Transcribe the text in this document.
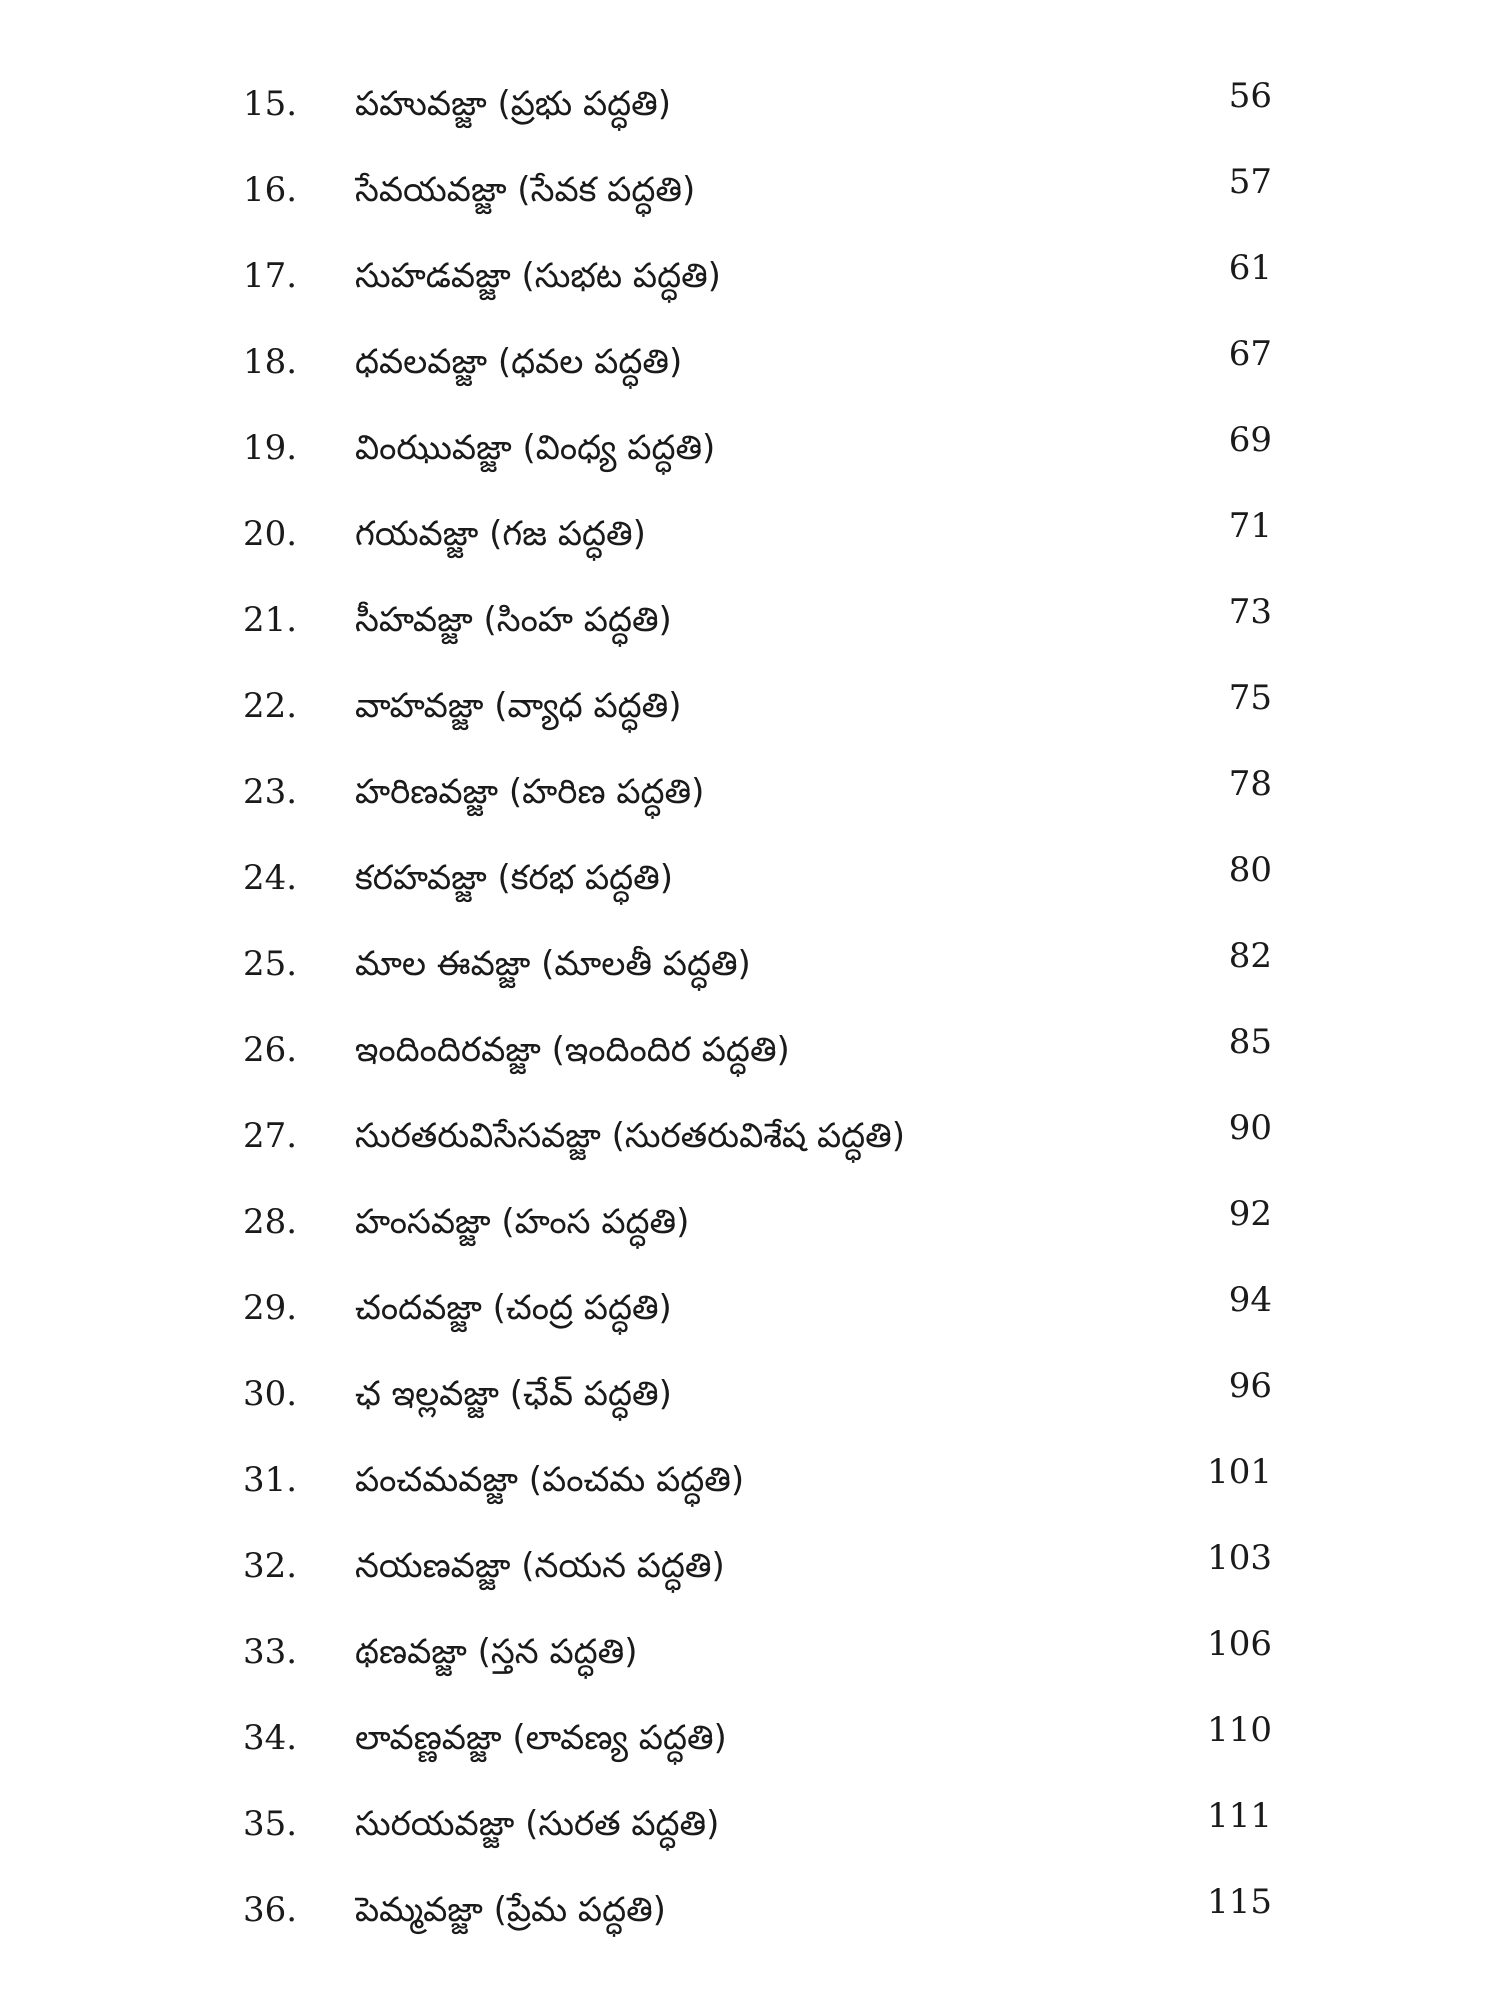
15.	పహువజ్జా (ప్రభు పద్ధతి)	56
16.	సేవయవజ్జా (సేవక పద్ధతి)	57
17.	సుహడవజ్జా (సుభట పద్ధతి)	61
18.	ధవలవజ్జా (ధవల పద్ధతి)	67
19.	వింఝువజ్జా (వింధ్య పద్ధతి)	69
20.	గయవజ్జా (గజ పద్ధతి)	71
21.	సీహవజ్జా (సింహ పద్ధతి)	73
22.	వాహవజ్జా (వ్యాధ పద్ధతి)	75
23.	హరిణవజ్జా (హరిణ పద్ధతి)	78
24.	కరహవజ్జా (కరభ పద్ధతి)	80
25.	మాల ఈవజ్జా (మాలతీ పద్ధతి)	82
26.	ఇందిందిరవజ్జా (ఇందిందిర పద్ధతి)	85
27.	సురతరువిసేసవజ్జా (సురతరువిశేష పద్ధతి)	90
28.	హంసవజ్జా (హంస పద్ధతి)	92
29.	చందవజ్జా (చంద్ర పద్ధతి)	94
30.	ఛ ఇల్లవజ్జా (ఛేవ్ పద్ధతి)	96
31.	పంచమవజ్జా (పంచమ పద్ధతి)	101
32.	నయణవజ్జా (నయన పద్ధతి)	103
33.	థణవజ్జా (స్తన పద్ధతి)	106
34.	లావణ్ణవజ్జా (లావణ్య పద్ధతి)	110
35.	సురయవజ్జా (సురత పద్ధతి)	111
36.	పెమ్మవజ్జా (ప్రేమ పద్ధతి)	115
